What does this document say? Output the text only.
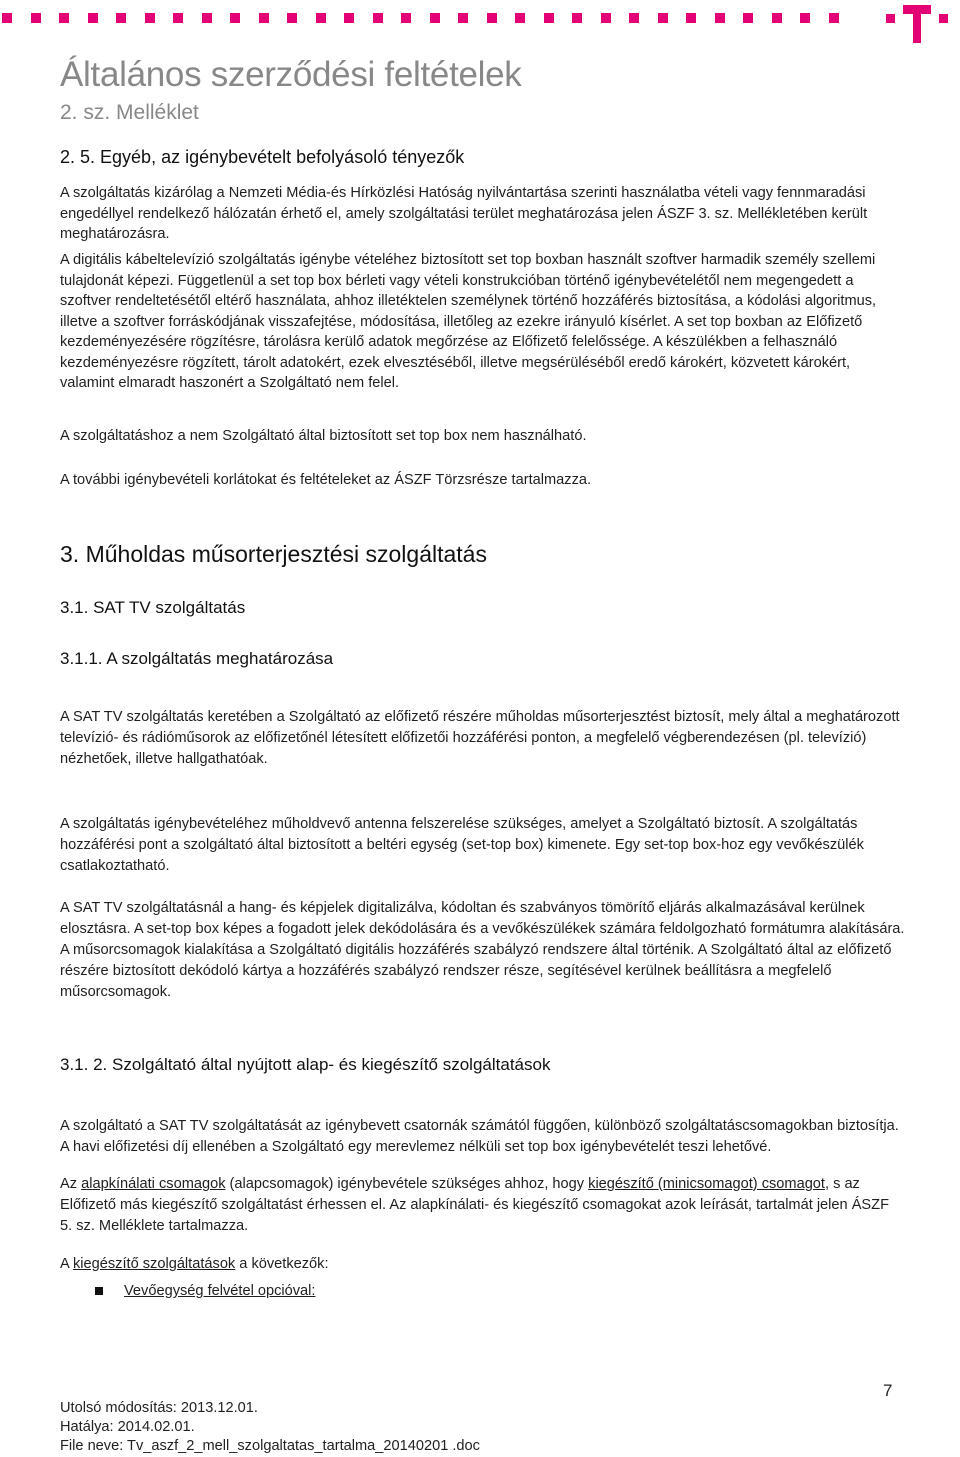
Általános szerződési feltételek
2. sz. Melléklet
2. 5. Egyéb, az igénybevételt befolyásoló tényezők

A szolgáltatás kizárólag a Nemzeti Média-és Hírközlési Hatóság nyilvántartása szerinti használatba vételi vagy fennmaradási engedéllyel rendelkező hálózatán érhető el, amely szolgáltatási terület meghatározása jelen ÁSZF 3. sz. Mellékletében került meghatározásra.

A digitális kábeltelevízió szolgáltatás igénybe vételéhez biztosított set top boxban használt szoftver harmadik személy szellemi tulajdonát képezi. Függetlenül a set top box bérleti vagy vételi konstrukcióban történő igénybevételétől nem megengedett a szoftver rendeltetésétől eltérő használata, ahhoz illetéktelen személynek történő hozzáférés biztosítása, a kódolási algoritmus, illetve a szoftver forráskódjának visszafejtése, módosítása, illetőleg az ezekre irányuló kísérlet. A set top boxban az Előfizető kezdeményezésére rögzítésre, tárolásra kerülő adatok megőrzése az Előfizető felelőssége. A készülékben a felhasználó kezdeményezésre rögzített, tárolt adatokért, ezek elvesztéséből, illetve megsérüléséből eredő károkért, közvetett károkért, valamint elmaradt haszonért a Szolgáltató nem felel.

A szolgáltatáshoz a nem Szolgáltató által biztosított set top box nem használható.

A további igénybevételi korlátokat és feltételeket az ÁSZF Törzsrésze tartalmazza.

3. Műholdas műsorterjesztési szolgáltatás
3.1. SAT TV szolgáltatás
3.1.1. A szolgáltatás meghatározása

A SAT TV szolgáltatás keretében a Szolgáltató az előfizető részére műholdas műsorterjesztést biztosít, mely által a meghatározott televízió- és rádióműsorok az előfizetőnél létesített előfizetői hozzáférési ponton, a megfelelő végberendezésen (pl. televízió) nézhetőek, illetve hallgathatóak.

A szolgáltatás igénybevételéhez műholdvevő antenna felszerelése szükséges, amelyet a Szolgáltató biztosít. A szolgáltatás hozzáférési pont a szolgáltató által biztosított a beltéri egység (set-top box) kimenete. Egy set-top box-hoz egy vevőkészülék csatlakoztatható.

A SAT TV szolgáltatásnál a hang- és képjelek digitalizálva, kódoltan és szabványos tömörítő eljárás alkalmazásával kerülnek elosztásra. A set-top box képes a fogadott jelek dekódolására és a vevőkészülékek számára feldolgozható formátumra alakítására. A műsorcsomagok kialakítása a Szolgáltató digitális hozzáférés szabályzó rendszere által történik. A Szolgáltató által az előfizető részére biztosított dekódoló kártya a hozzáférés szabályzó rendszer része, segítésével kerülnek beállításra a megfelelő műsorcsomagok.

3.1. 2. Szolgáltató által nyújtott alap- és kiegészítő szolgáltatások

A szolgáltató a SAT TV szolgáltatását az igénybevett csatornák számától függően, különböző szolgáltatáscsomagokban biztosítja. A havi előfizetési díj ellenében a Szolgáltató egy merevlemez nélküli set top box igénybevételét teszi lehetővé.

Az alapkínálati csomagok (alapcsomagok) igénybevétele szükséges ahhoz, hogy kiegészítő (minicsomagot) csomagot, s az Előfizető más kiegészítő szolgáltatást érhessen el. Az alapkínálati- és kiegészítő csomagokat azok leírását, tartalmát jelen ÁSZF 5. sz. Melléklete tartalmazza.

A kiegészítő szolgáltatások a következők:

Vevőegység felvétel opcióval:

7

Utolsó módosítás: 2013.12.01.

Hatálya: 2014.02.01.

File neve: Tv_aszf_2_mell_szolgaltatas_tartalma_20140201 .doc
